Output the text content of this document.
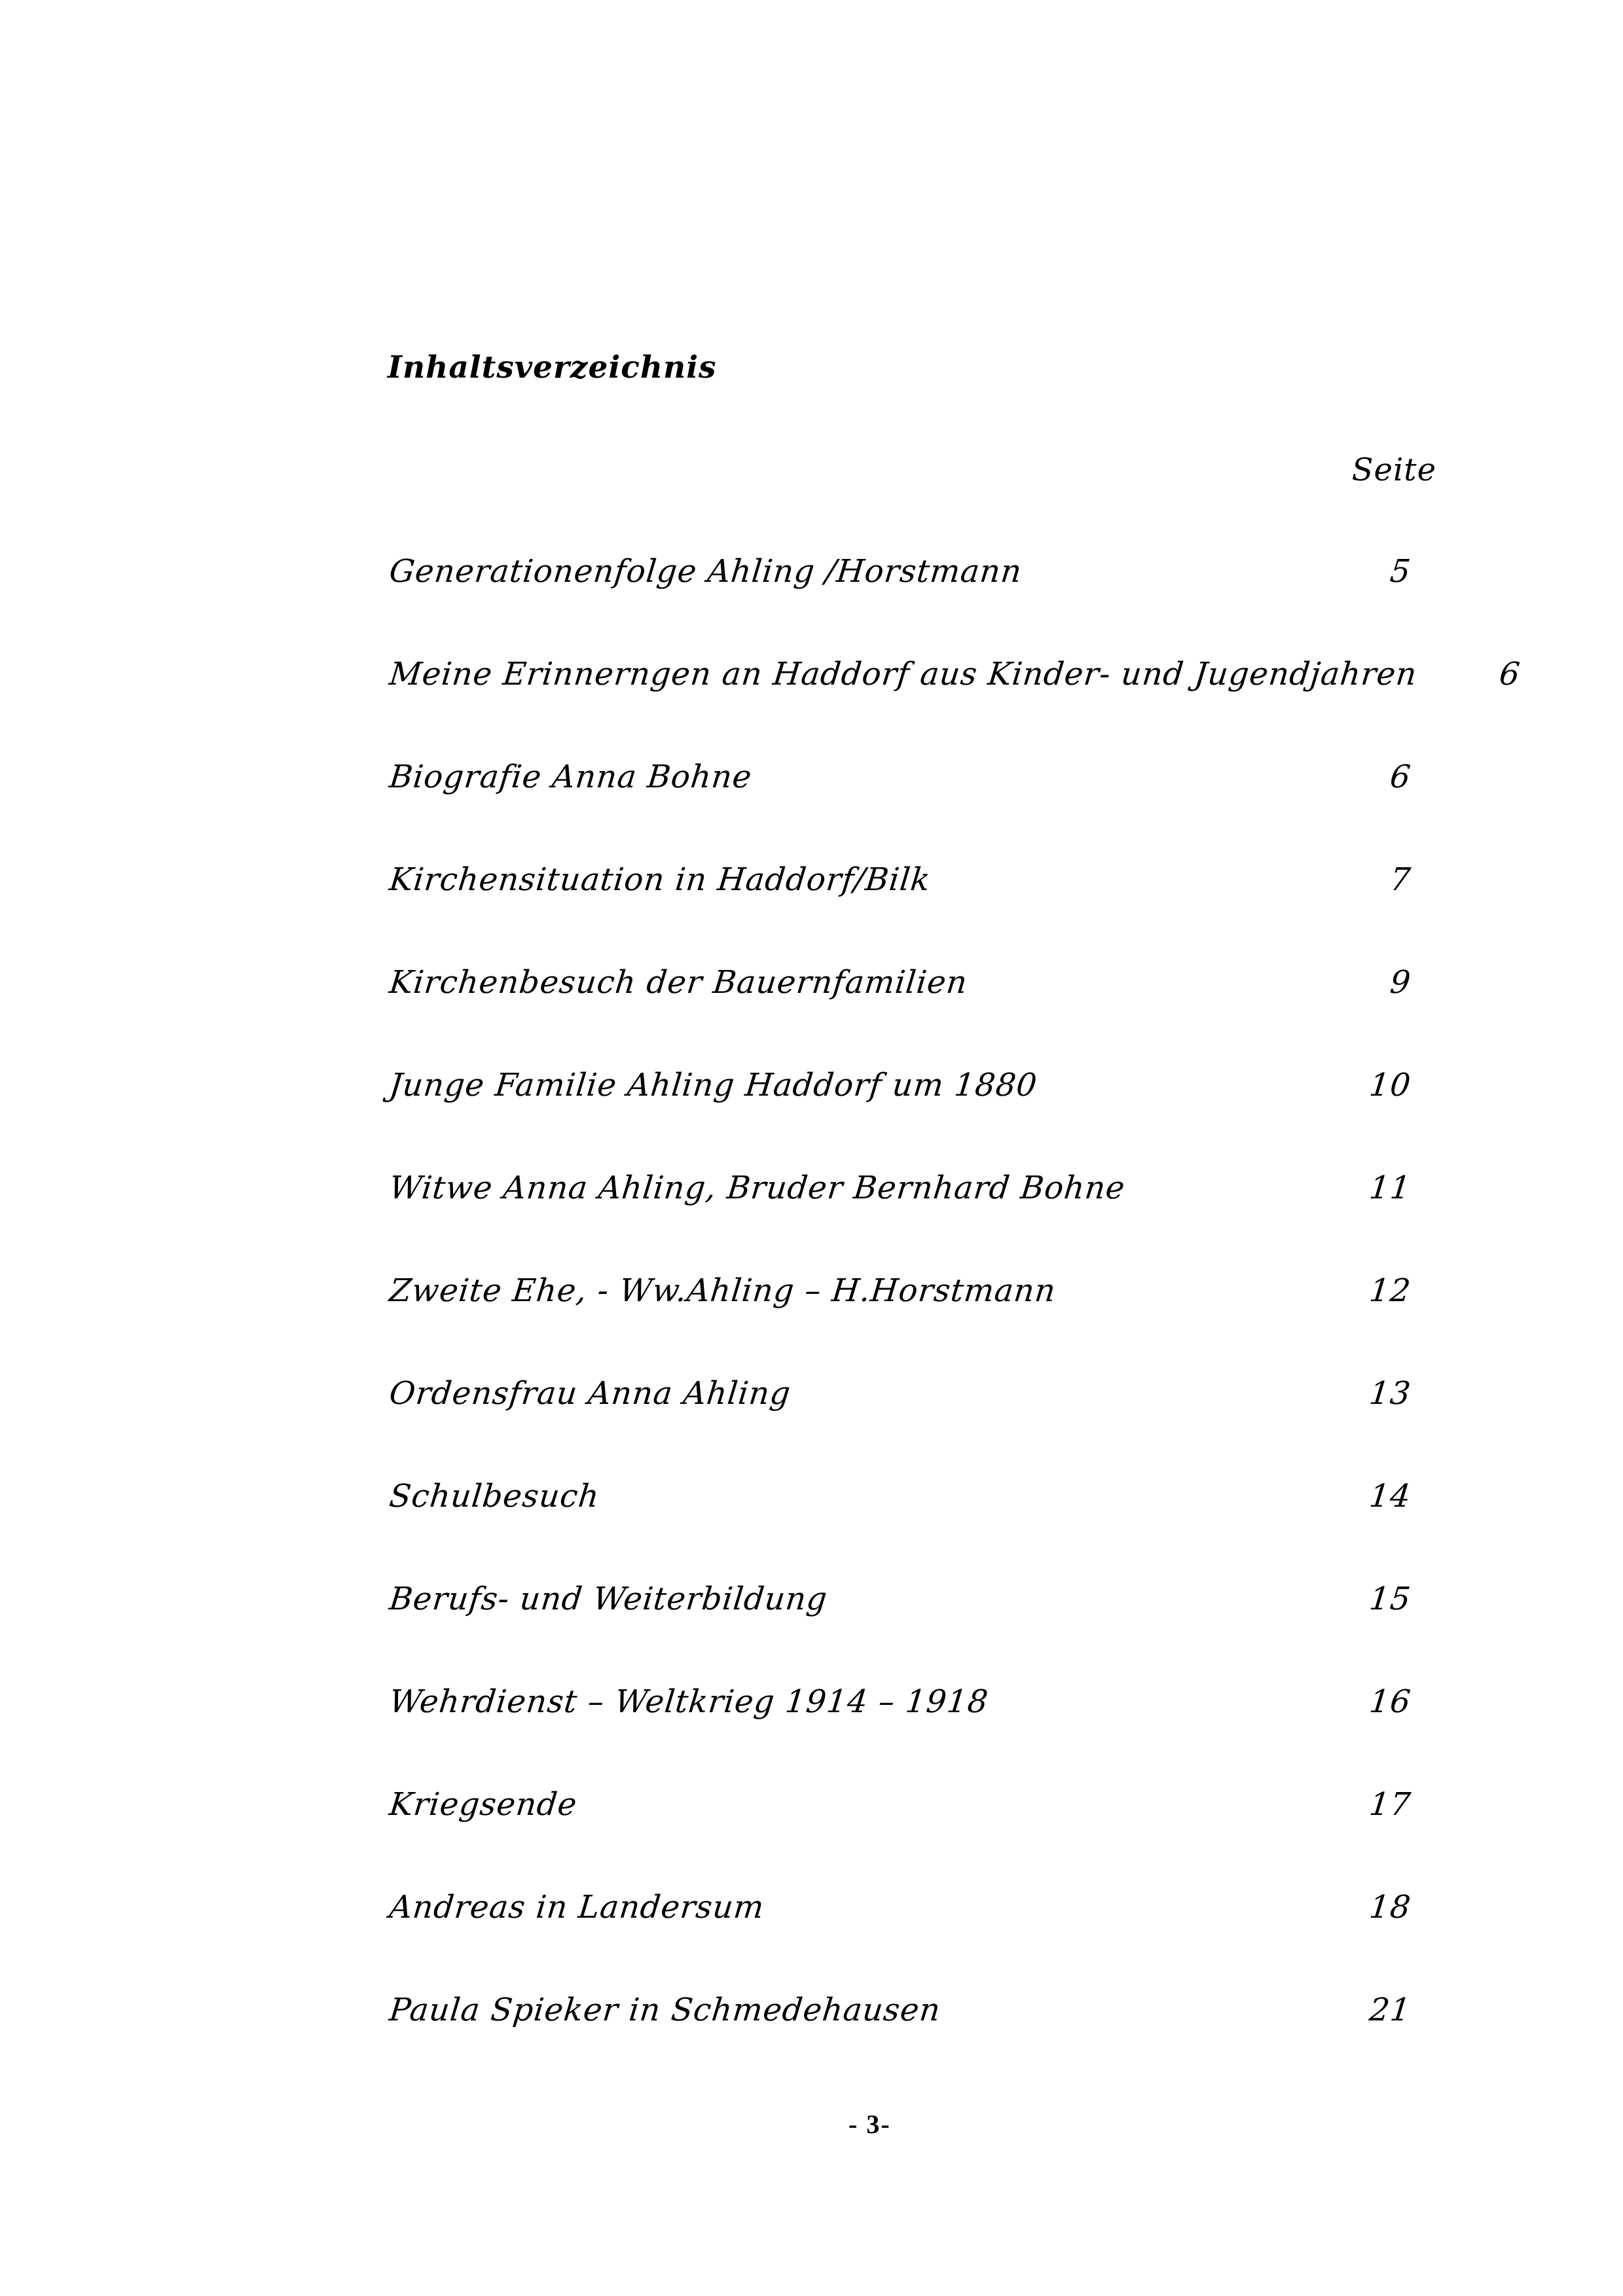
Inhaltsverzeichnis
Seite
Generationenfolge Ahling /Horstmann	5
Meine Erinnerngen an Haddorf aus Kinder- und Jugendjahren	6
Biografie Anna Bohne	6
Kirchensituation in Haddorf/Bilk	7
Kirchenbesuch der Bauernfamilien	9
Junge Familie Ahling Haddorf um 1880	10
Witwe Anna Ahling, Bruder Bernhard Bohne	11
Zweite Ehe, - Ww.Ahling – H.Horstmann	12
Ordensfrau Anna Ahling	13
Schulbesuch	14
Berufs- und Weiterbildung	15
Wehrdienst – Weltkrieg 1914 – 1918	16
Kriegsende	17
Andreas in Landersum	18
Paula Spieker in Schmedehausen	21
- 3-
